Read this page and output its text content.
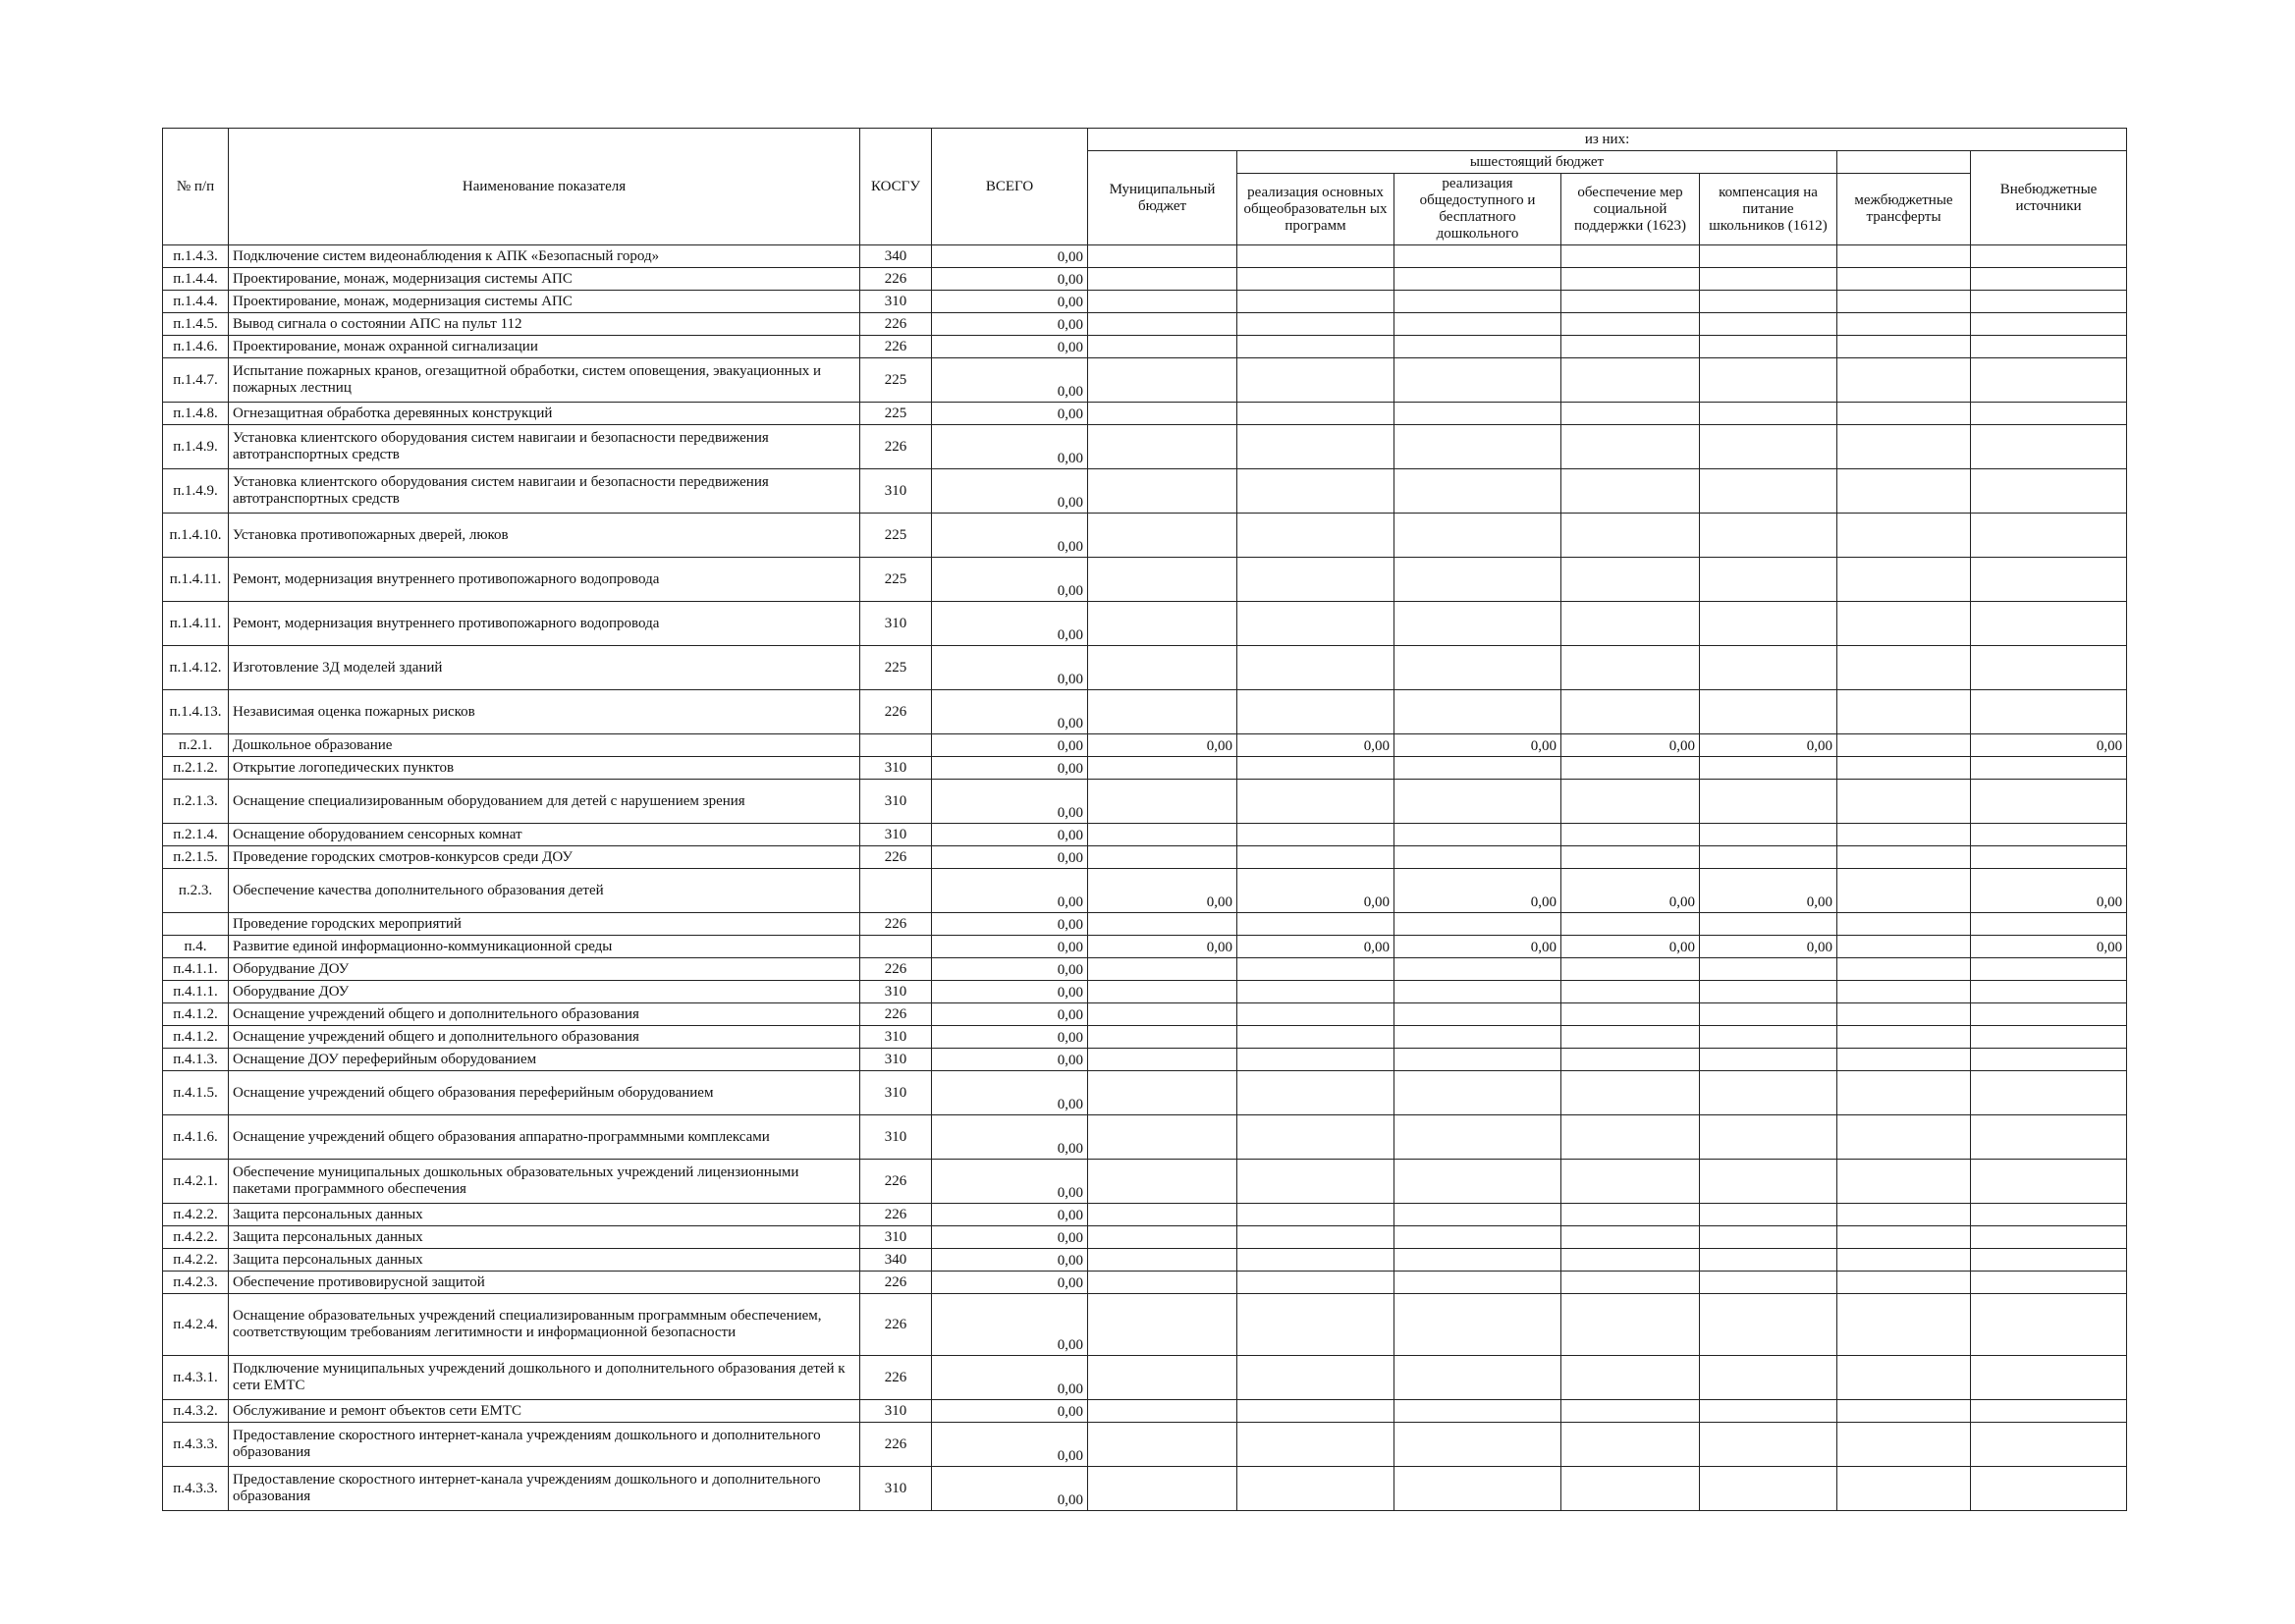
№ п/п	Наименование показателя	КОСГУ	ВСЕГО	из них:						
				Муниципальный бюджет	ышестоящий бюджет					Внебюджетные источники
					реализация основных общеобразовательн ых программ	реализация общедоступного и бесплатного дошкольного	обеспечение мер социальной поддержки (1623)	компенсация на питание школьников (1612)	межбюджетные трансферты	
п.1.4.3.	Подключение систем видеонаблюдения к АПК «Безопасный город»	340	0,00							
п.1.4.4.	Проектирование, монаж, модернизация системы АПС	226	0,00							
п.1.4.4.	Проектирование, монаж, модернизация системы АПС	310	0,00							
п.1.4.5.	Вывод сигнала о состоянии АПС на пульт 112	226	0,00							
п.1.4.6.	Проектирование, монаж охранной сигнализации	226	0,00							
п.1.4.7.	Испытание пожарных кранов, огезащитной обработки, систем оповещения, эвакуационных и пожарных лестниц	225	0,00							
п.1.4.8.	Огнезащитная обработка деревянных конструкций	225	0,00							
п.1.4.9.	Установка клиентского оборудования систем навигаии и безопасности передвижения автотранспортных средств	226	0,00							
п.1.4.9.	Установка клиентского оборудования систем навигаии и безопасности передвижения автотранспортных средств	310	0,00							
п.1.4.10.	Установка противопожарных дверей, люков	225	0,00							
п.1.4.11.	Ремонт, модернизация внутреннего противопожарного водопровода	225	0,00							
п.1.4.11.	Ремонт, модернизация внутреннего противопожарного водопровода	310	0,00							
п.1.4.12.	Изготовление 3Д моделей зданий	225	0,00							
п.1.4.13.	Независимая оценка пожарных рисков	226	0,00							
п.2.1.	Дошкольное образование		0,00	0,00	0,00	0,00	0,00	0,00		0,00
п.2.1.2.	Открытие логопедических пунктов	310	0,00							
п.2.1.3.	Оснащение специализированным оборудованием для детей с нарушением зрения	310	0,00							
п.2.1.4.	Оснащение оборудованием сенсорных комнат	310	0,00							
п.2.1.5.	Проведение городских смотров-конкурсов среди ДОУ	226	0,00							
п.2.3.	Обеспечение качества дополнительного образования детей		0,00	0,00	0,00	0,00	0,00	0,00		0,00
	Проведение городских мероприятий	226	0,00							
п.4.	Развитие единой информационно-коммуникационной среды		0,00	0,00	0,00	0,00	0,00	0,00		0,00
п.4.1.1.	Оборудвание ДОУ	226	0,00							
п.4.1.1.	Оборудвание ДОУ	310	0,00							
п.4.1.2.	Оснащение учреждений общего и дополнительного образования	226	0,00							
п.4.1.2.	Оснащение учреждений общего и дополнительного образования	310	0,00							
п.4.1.3.	Оснащение ДОУ переферийным оборудованием	310	0,00							
п.4.1.5.	Оснащение учреждений общего образования переферийным оборудованием	310	0,00							
п.4.1.6.	Оснащение учреждений общего образования аппаратно-программными комплексами	310	0,00							
п.4.2.1.	Обеспечение муниципальных дошкольных образовательных учреждений лицензионными пакетами программного обеспечения	226	0,00							
п.4.2.2.	Защита персональных данных	226	0,00							
п.4.2.2.	Защита персональных данных	310	0,00							
п.4.2.2.	Защита персональных данных	340	0,00							
п.4.2.3.	Обеспечение противовирусной защитой	226	0,00							
п.4.2.4.	Оснащение образовательных учреждений специализированным программным обеспечением, соответствующим требованиям легитимности и информационной безопасности	226	0,00							
п.4.3.1.	Подключение муниципальных учреждений дошкольного и дополнительного образования детей к сети ЕМТС	226	0,00							
п.4.3.2.	Обслуживание и ремонт объектов сети ЕМТС	310	0,00							
п.4.3.3.	Предоставление скоростного интернет-канала учреждениям дошкольного и дополнительного образования	226	0,00							
п.4.3.3.	Предоставление скоростного интернет-канала учреждениям дошкольного и дополнительного образования	310	0,00							
